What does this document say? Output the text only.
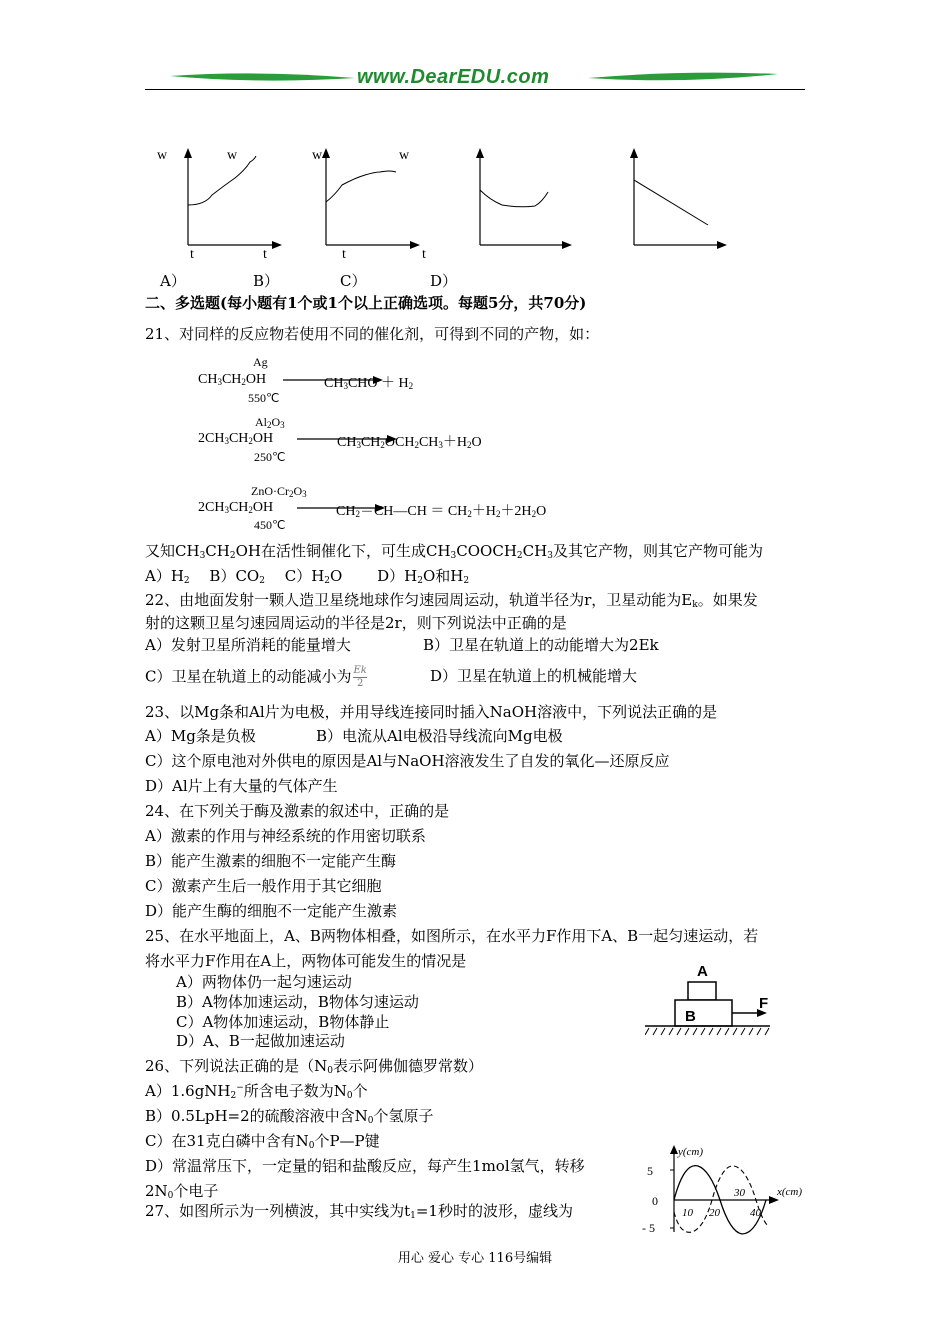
www.DearEDU.com
w	w	w	w
t	t	t	t
A）	B）	C）	D）
二、多选题(每小题有1个或1个以上正确选项。每题5分，共70分)
21、对同样的反应物若使用不同的催化剂，可得到不同的产物，如：
Ag
$CH_3CH_2OH$	$CH_3CHO + H_2$
550℃
$Al_2O_3$
$2CH_3CH_2OH$	$CH_3CH_2OCH_2CH_3+H_2O$
250℃
$ZnO\cdot Cr_2O_3$
$2CH_3CH_2OH$	$CH_2=CH—CH = CH_2+H_2+2H_2O$
450℃
又知$CH_3CH_2OH$在活性铜催化下，可生成$CH_3COOCH_2CH_3$及其它产物，则其它产物可能为
$A)H_2$　 $B)CO_2$　 $C)H_2O$　　 $D)H_2O$和$H_2$
22、由地面发射一颗人造卫星绕地球作匀速园周运动，轨道半径为r，卫星动能为$E_k$。如果发
射的这颗卫星匀速园周运动的半径是2r，则下列说法中正确的是
A）发射卫星所消耗的能量增大	B）卫星在轨道上的动能增大为2Ek
C）卫星在轨道上的动能减小为 $\frac{Ek}{2}$	D）卫星在轨道上的机械能增大
23、以Mg条和Al片为电极，并用导线连接同时插入NaOH溶液中，下列说法正确的是
A）Mg条是负极	B）电流从Al电极沿导线流向Mg电极
C）这个原电池对外供电的原因是Al与NaOH溶液发生了自发的氧化—还原反应
D）Al片上有大量的气体产生
24、在下列关于酶及激素的叙述中，正确的是
A）激素的作用与神经系统的作用密切联系
B）能产生激素的细胞不一定能产生酶
C）激素产生后一般作用于其它细胞
D）能产生酶的细胞不一定能产生激素
25、在水平地面上，A、B两物体相叠，如图所示，在水平力F作用下A、B一起匀速运动，若
将水平力F作用在A上，两物体可能发生的情况是
A）两物体仍一起匀速运动
B）A物体加速运动，B物体匀速运动
C）A物体加速运动，B物体静止
D）A、B一起做加速运动
A
B
F
26、下列说法正确的是（$N_0$表示阿佛伽德罗常数）
A）1.6gNH$_2$−所含电子数为$N_0$个
B）0.5LpH=2的硫酸溶液中含$N_0$个氢原子
C）在31克白磷中含有$N_0$个P—P键
D）常温常压下，一定量的铝和盐酸反应，每产生1mol氢气，转移
$2N_0$个电子
27、如图所示为一列横波，其中实线为$t_1=1$秒时的波形，虚线为
y(cm)
x(cm)
5
0
- 5
10 20
30
40
用心 爱心 专心 116号编辑
